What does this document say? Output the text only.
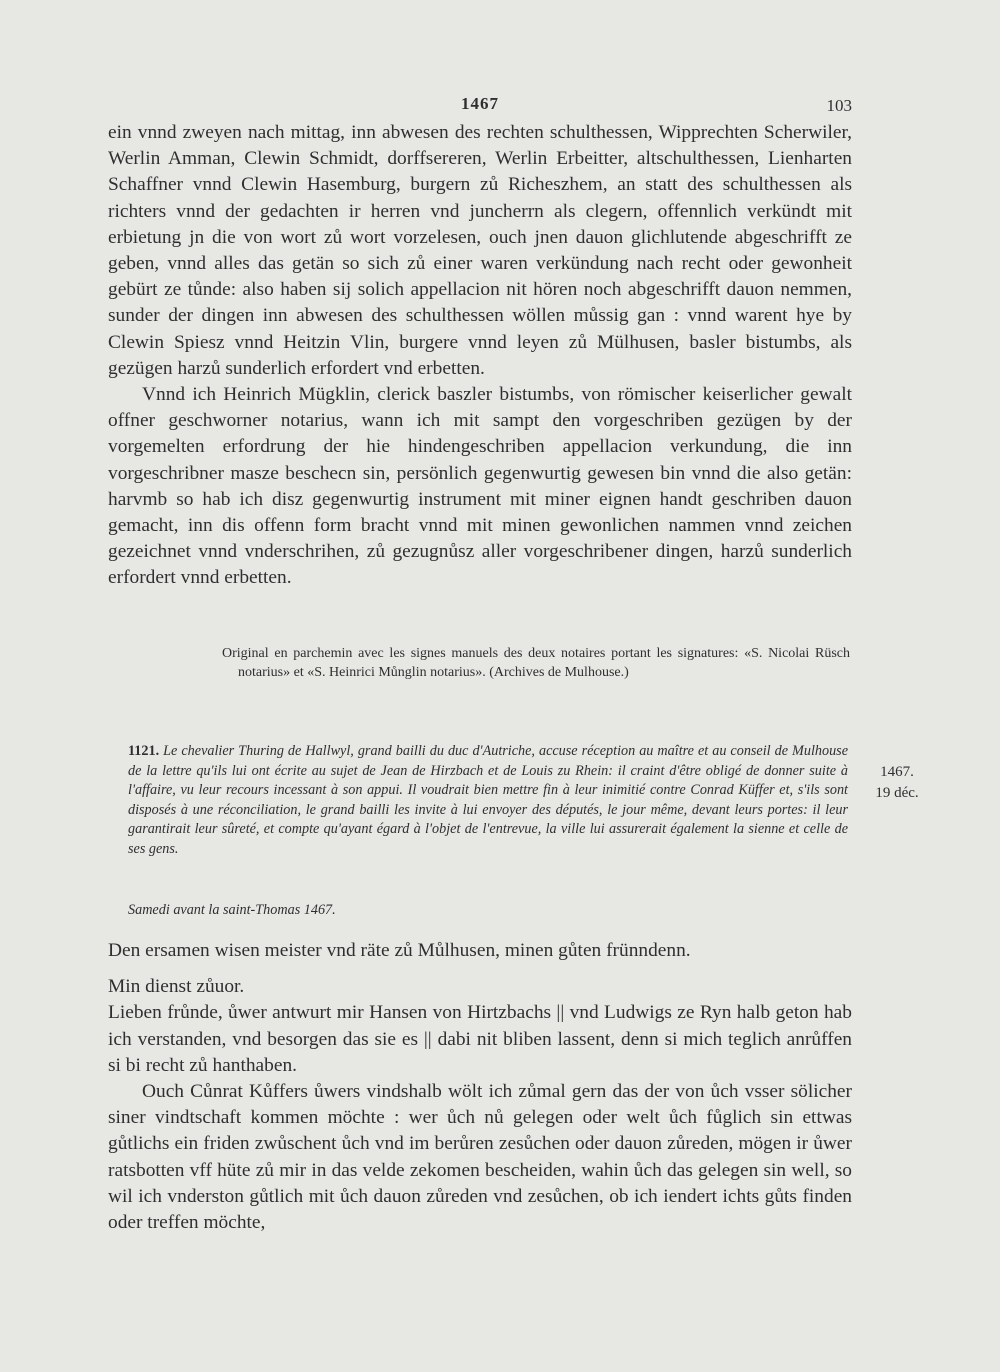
1467	103

ein vnnd zweyen nach mittag, inn abwesen des rechten schulthessen, Wipprechten Scherwiler, Werlin Amman, Clewin Schmidt, dorffsereren, Werlin Erbeitter, altschulthessen, Lienharten Schaffner vnnd Clewin Hasemburg, burgern zů Richeszhem, an statt des schulthessen als richters vnnd der gedachten ir herren vnd juncherrn als clegern, offennlich verkündt mit erbietung jn die von wort zů wort vorzelesen, ouch jnen dauon glichlutende abgeschrifft ze geben, vnnd alles das getän so sich zů einer waren verkündung nach recht oder gewonheit gebürt ze tůnde: also haben sij solich appellacion nit hören noch abgeschrifft dauon nemmen, sunder der dingen inn abwesen des schulthessen wöllen můssig gan : vnnd warent hye by Clewin Spiesz vnnd Heitzin Vlin, burgere vnnd leyen zů Mülhusen, basler bistumbs, als gezügen harzů sunderlich erfordert vnd erbetten.

Vnnd ich Heinrich Mügklin, clerick baszler bistumbs, von römischer keiserlicher gewalt offner geschworner notarius, wann ich mit sampt den vorgeschriben gezügen by der vorgemelten erfordrung der hie hindengeschriben appellacion verkundung, die inn vorgeschribner masze beschecn sin, persönlich gegenwurtig gewesen bin vnnd die also getän: harvmb so hab ich disz gegenwurtig instrument mit miner eignen handt geschriben dauon gemacht, inn dis offenn form bracht vnnd mit minen gewonlichen nammen vnnd zeichen gezeichnet vnnd vnderschrihen, zů gezugnůsz aller vorgeschribener dingen, harzů sunderlich erfordert vnnd erbetten.

Original en parchemin avec les signes manuels des deux notaires portant les signatures: «S. Nicolai Rüsch notarius» et «S. Heinrici Můnglin notarius». (Archives de Mulhouse.)
1121. Le chevalier Thuring de Hallwyl, grand bailli du duc d'Autriche, accuse réception au maître et au conseil de Mulhouse de la lettre qu'ils lui ont écrite au sujet de Jean de Hirzbach et de Louis zu Rhein: il craint d'être obligé de donner suite à l'affaire, vu leur recours incessant à son appui. Il voudrait bien mettre fin à leur inimitié contre Conrad Küffer et, s'ils sont disposés à une réconciliation, le grand bailli les invite à lui envoyer des députés, le jour même, devant leurs portes: il leur garantirait leur sûreté, et compte qu'ayant égard à l'objet de l'entrevue, la ville lui assurerait également la sienne et celle de ses gens.
Samedi avant la saint-Thomas 1467.
1467.
19 déc.

Den ersamen wisen meister vnd räte zů Můlhusen, minen gůten frünndenn.

Min dienst zůuor.

Lieben frůnde, ůwer antwurt mir Hansen von Hirtzbachs || vnd Ludwigs ze Ryn halb geton hab ich verstanden, vnd besorgen das sie es || dabi nit bliben lassent, denn si mich teglich anrůffen si bi recht zů hanthaben.

Ouch Cůnrat Kůffers ůwers vindshalb wölt ich zůmal gern das der von ůch vsser sölicher siner vindtschaft kommen möchte : wer ůch nů gelegen oder welt ůch fůglich sin ettwas gůtlichs ein friden zwůschent ůch vnd im berůren zesůchen oder dauon zůreden, mögen ir ůwer ratsbotten vff hüte zů mir in das velde zekomen bescheiden, wahin ůch das gelegen sin well, so wil ich vnderston gůtlich mit ůch dauon zůreden vnd zesůchen, ob ich iendert ichts gůts finden oder treffen möchte,
